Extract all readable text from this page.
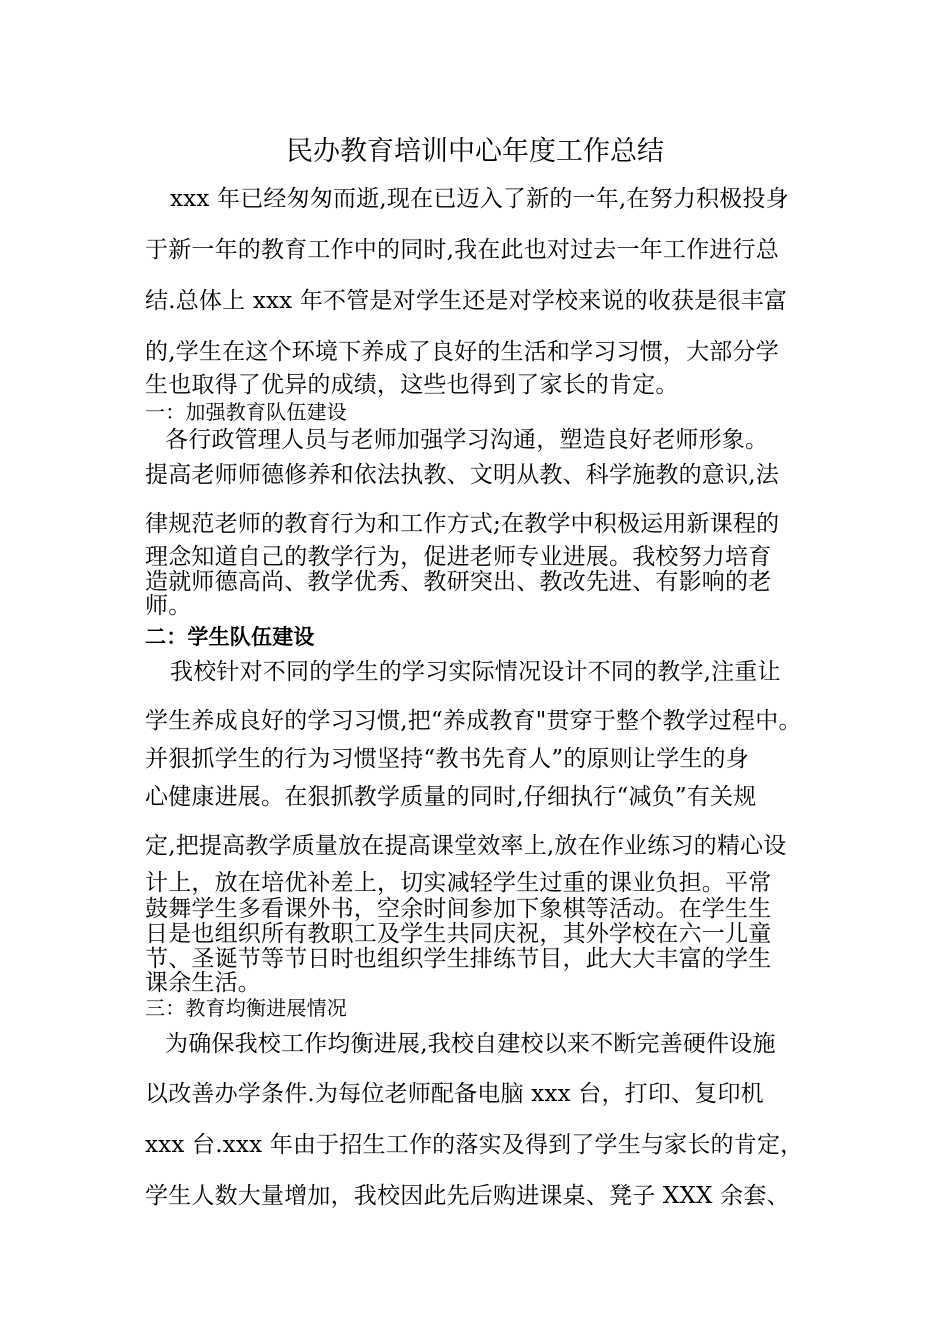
民办教育培训中心年度工作总结
xxx 年已经匆匆而逝,现在已迈入了新的一年,在努力积极投身
于新一年的教育工作中的同时,我在此也对过去一年工作进行总
结.总体上 xxx 年不管是对学生还是对学校来说的收获是很丰富
的,学生在这个环境下养成了良好的生活和学习习惯，大部分学
生也取得了优异的成绩，这些也得到了家长的肯定。
一：加强教育队伍建设
各行政管理人员与老师加强学习沟通，塑造良好老师形象。
提高老师师德修养和依法执教、文明从教、科学施教的意识,法
律规范老师的教育行为和工作方式;在教学中积极运用新课程的
理念知道自己的教学行为，促进老师专业进展。我校努力培育
造就师德高尚、教学优秀、教研突出、教改先进、有影响的老
师。
二：学生队伍建设
我校针对不同的学生的学习实际情况设计不同的教学,注重让
学生养成良好的学习习惯,把“养成教育"贯穿于整个教学过程中。
并狠抓学生的行为习惯坚持“教书先育人”的原则让学生的身
心健康进展。在狠抓教学质量的同时,仔细执行“减负”有关规
定,把提高教学质量放在提高课堂效率上,放在作业练习的精心设
计上，放在培优补差上，切实减轻学生过重的课业负担。平常
鼓舞学生多看课外书，空余时间参加下象棋等活动。在学生生
日是也组织所有教职工及学生共同庆祝，其外学校在六一儿童
节、圣诞节等节日时也组织学生排练节目，此大大丰富的学生
课余生活。
三：教育均衡进展情况
为确保我校工作均衡进展,我校自建校以来不断完善硬件设施
以改善办学条件.为每位老师配备电脑 xxx 台，打印、复印机
xxx 台.xxx 年由于招生工作的落实及得到了学生与家长的肯定，
学生人数大量增加，我校因此先后购进课桌、凳子 XXX 余套、
